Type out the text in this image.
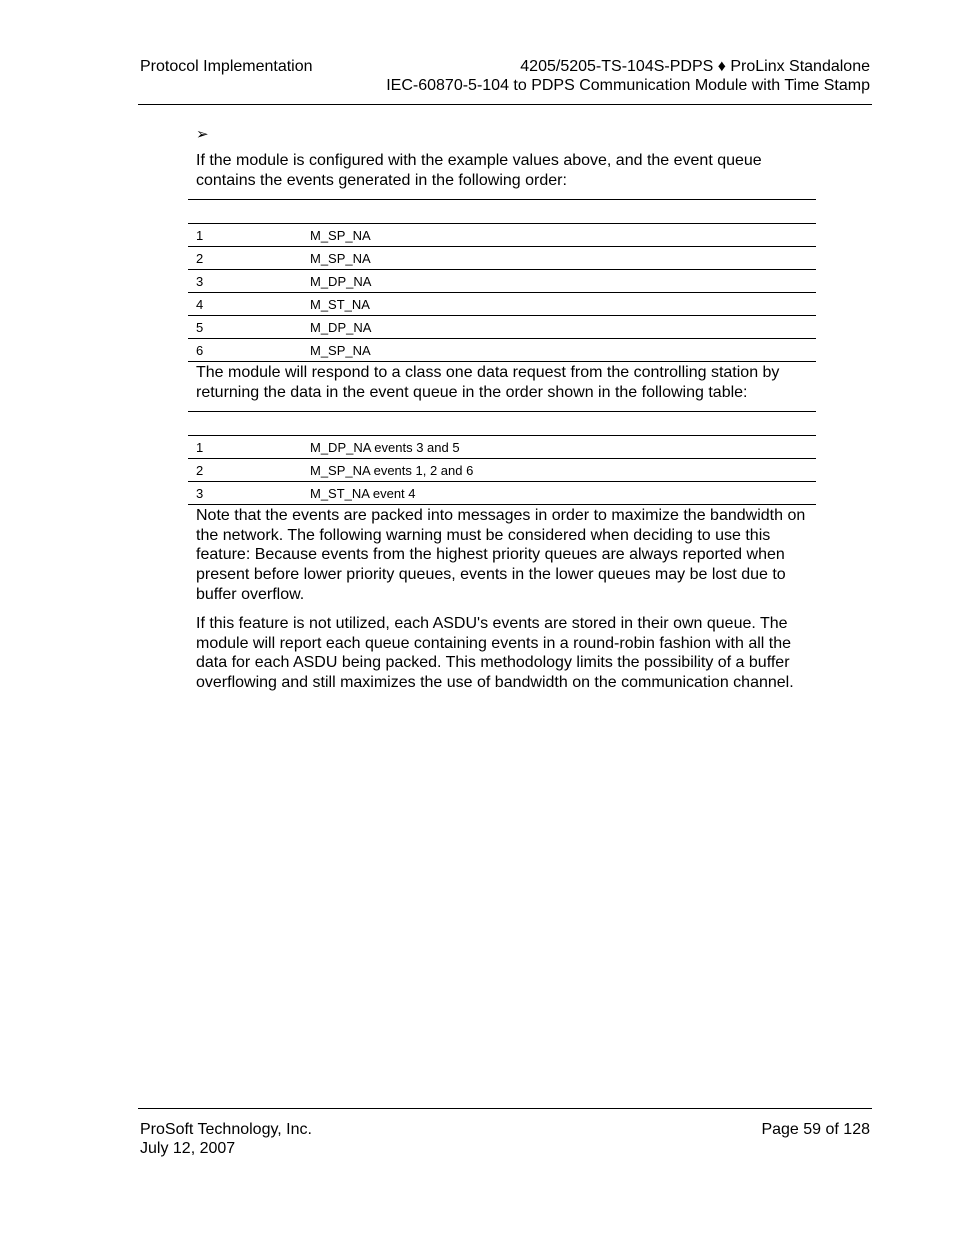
Protocol Implementation	4205/5205-TS-104S-PDPS ♦ ProLinx Standalone
IEC-60870-5-104 to PDPS Communication Module with Time Stamp
➢

If the module is configured with the example values above, and the event queue contains the events generated in the following order:

1	M_SP_NA
2	M_SP_NA
3	M_DP_NA
4	M_ST_NA
5	M_DP_NA
6	M_SP_NA

The module will respond to a class one data request from the controlling station by returning the data in the event queue in the order shown in the following table:

1	M_DP_NA events 3 and 5
2	M_SP_NA events 1, 2 and 6
3	M_ST_NA event 4

Note that the events are packed into messages in order to maximize the bandwidth on the network. The following warning must be considered when deciding to use this feature: Because events from the highest priority queues are always reported when present before lower priority queues, events in the lower queues may be lost due to buffer overflow.

If this feature is not utilized, each ASDU's events are stored in their own queue. The module will report each queue containing events in a round-robin fashion with all the data for each ASDU being packed. This methodology limits the possibility of a buffer overflowing and still maximizes the use of bandwidth on the communication channel.

ProSoft Technology, Inc.
July 12, 2007
Page 59 of 128
